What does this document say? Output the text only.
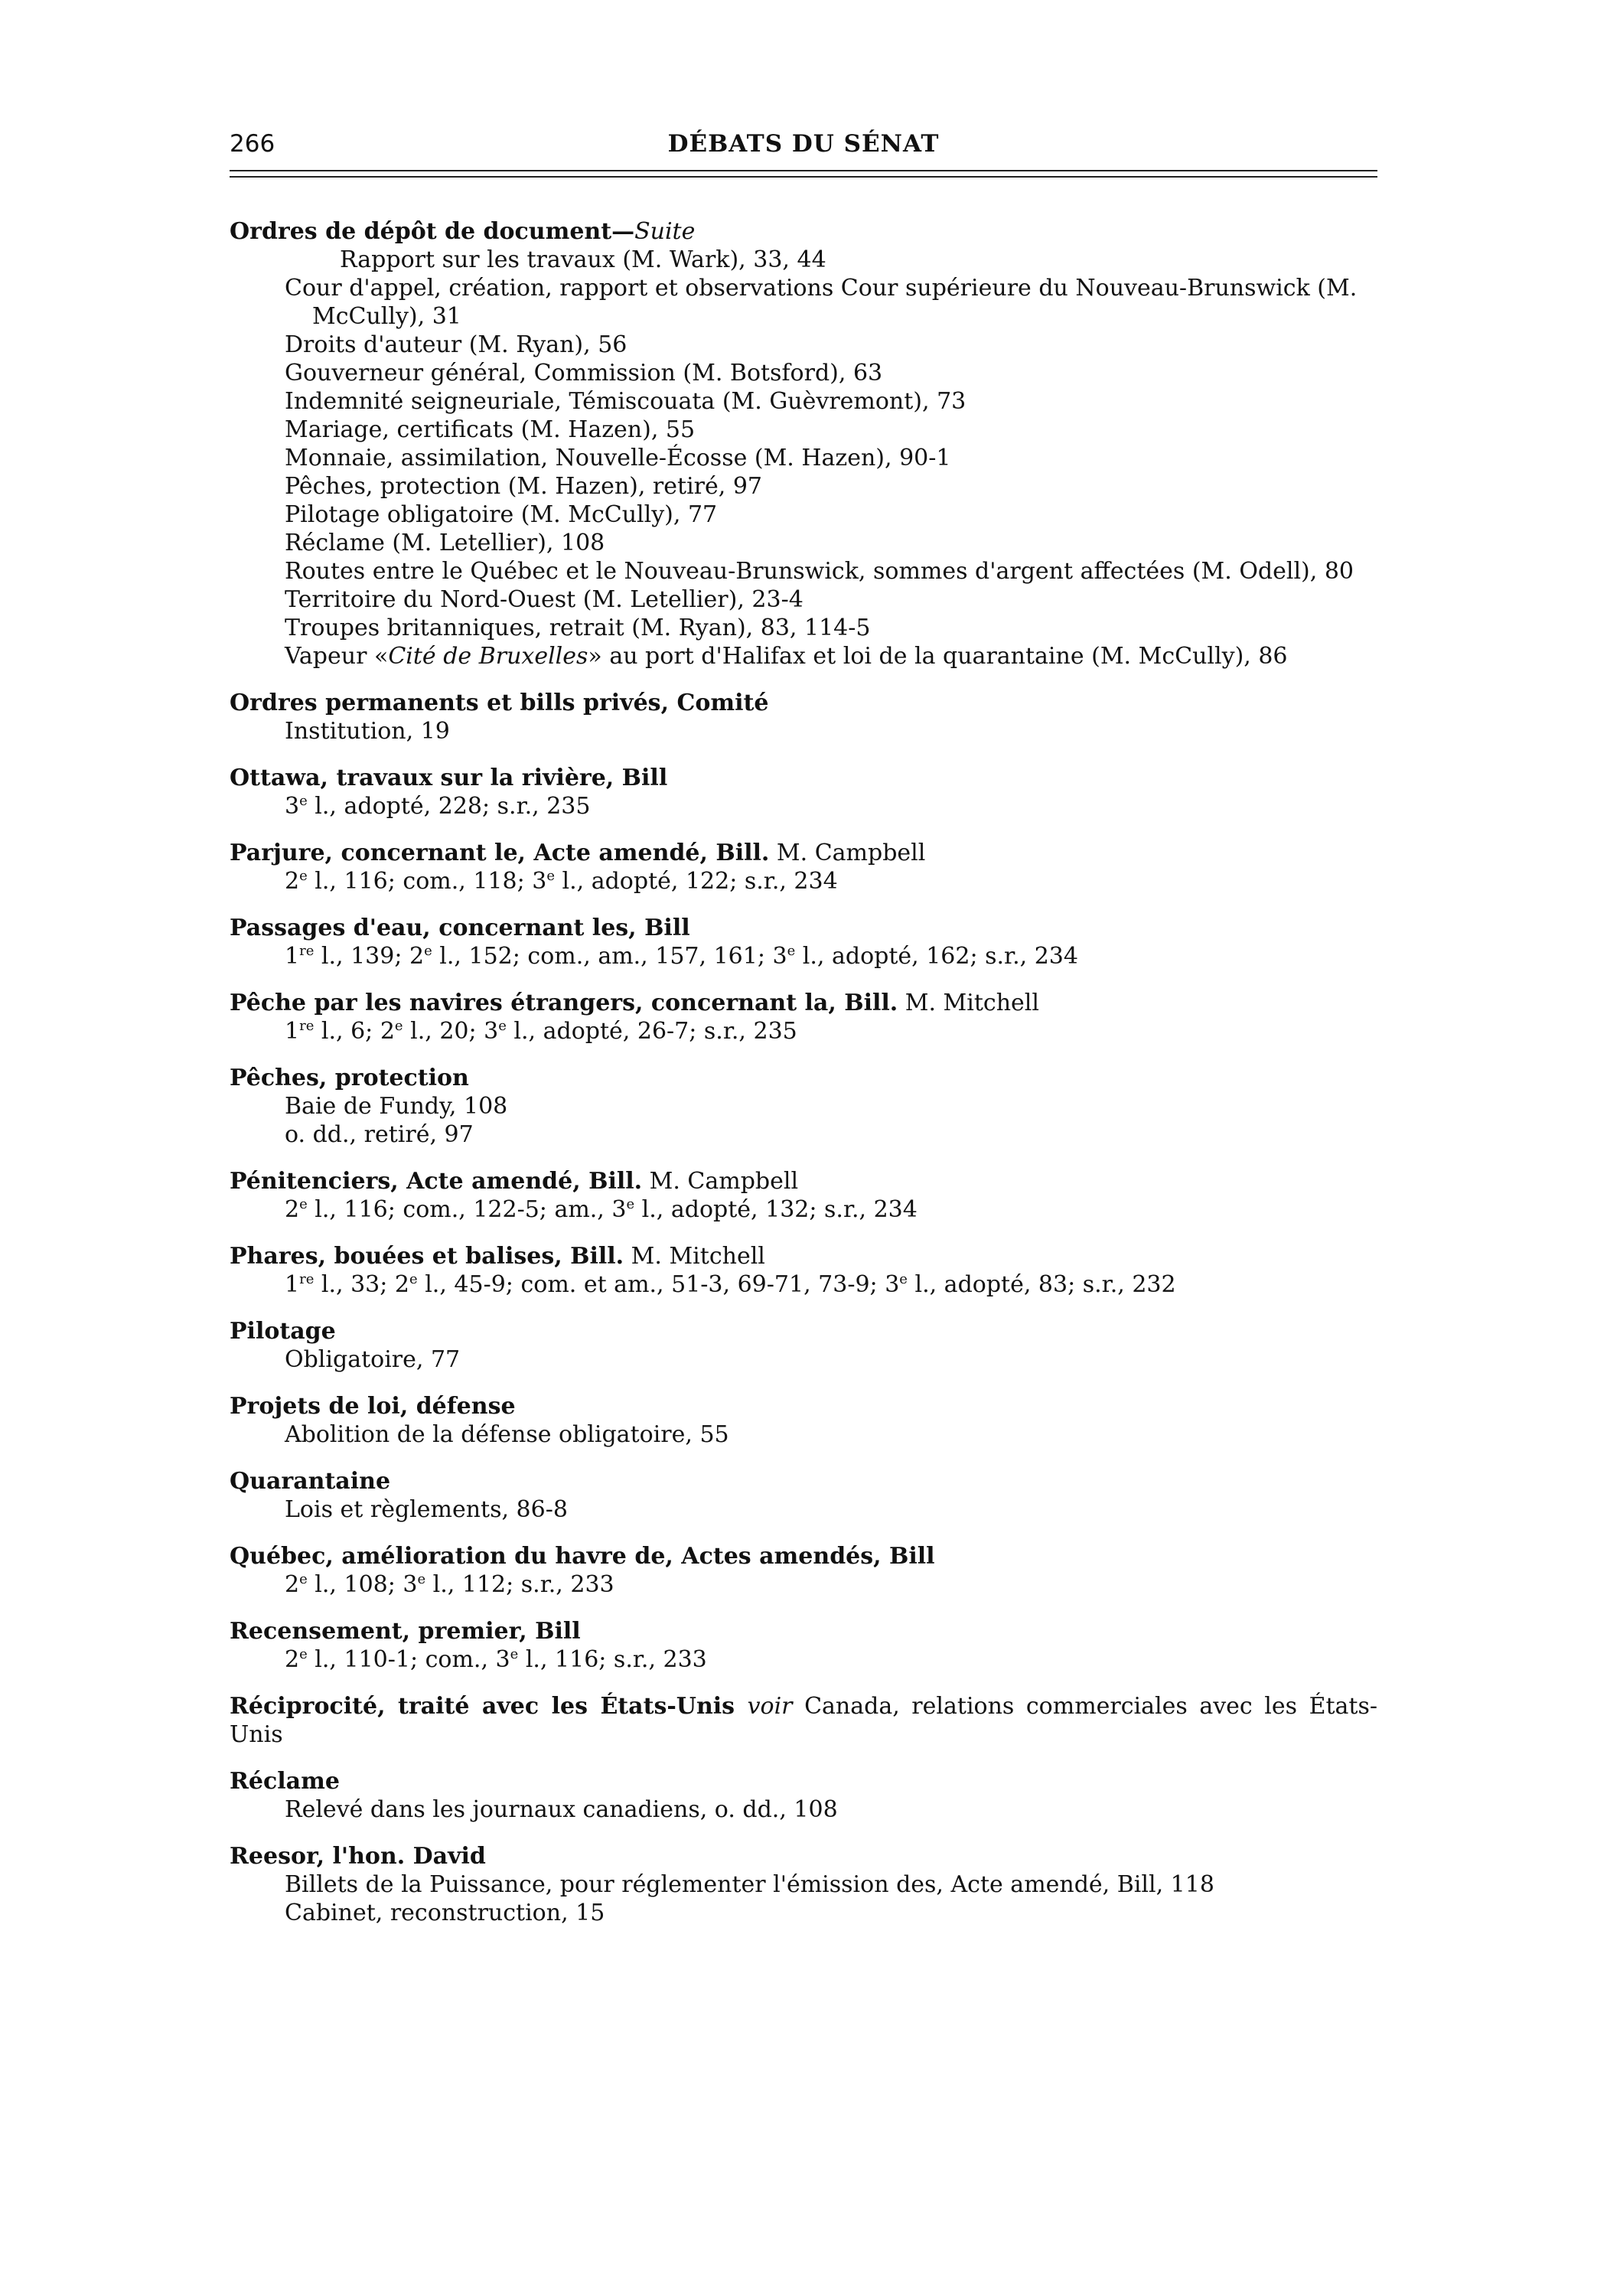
266	DÉBATS DU SÉNAT
Ordres de dépôt de document—Suite
Rapport sur les travaux (M. Wark), 33, 44
Cour d'appel, création, rapport et observations Cour supérieure du Nouveau-Brunswick (M. McCully), 31
Droits d'auteur (M. Ryan), 56
Gouverneur général, Commission (M. Botsford), 63
Indemnité seigneuriale, Témiscouata (M. Guèvremont), 73
Mariage, certificats (M. Hazen), 55
Monnaie, assimilation, Nouvelle-Écosse (M. Hazen), 90-1
Pêches, protection (M. Hazen), retiré, 97
Pilotage obligatoire (M. McCully), 77
Réclame (M. Letellier), 108
Routes entre le Québec et le Nouveau-Brunswick, sommes d'argent affectées (M. Odell), 80
Territoire du Nord-Ouest (M. Letellier), 23-4
Troupes britanniques, retrait (M. Ryan), 83, 114-5
Vapeur «Cité de Bruxelles» au port d'Halifax et loi de la quarantaine (M. McCully), 86
Ordres permanents et bills privés, Comité
Institution, 19
Ottawa, travaux sur la rivière, Bill
3e l., adopté, 228; s.r., 235
Parjure, concernant le, Acte amendé, Bill. M. Campbell
2e l., 116; com., 118; 3e l., adopté, 122; s.r., 234
Passages d'eau, concernant les, Bill
1re l., 139; 2e l., 152; com., am., 157, 161; 3e l., adopté, 162; s.r., 234
Pêche par les navires étrangers, concernant la, Bill. M. Mitchell
1re l., 6; 2e l., 20; 3e l., adopté, 26-7; s.r., 235
Pêches, protection
Baie de Fundy, 108
o. dd., retiré, 97
Pénitenciers, Acte amendé, Bill. M. Campbell
2e l., 116; com., 122-5; am., 3e l., adopté, 132; s.r., 234
Phares, bouées et balises, Bill. M. Mitchell
1re l., 33; 2e l., 45-9; com. et am., 51-3, 69-71, 73-9; 3e l., adopté, 83; s.r., 232
Pilotage
Obligatoire, 77
Projets de loi, défense
Abolition de la défense obligatoire, 55
Quarantaine
Lois et règlements, 86-8
Québec, amélioration du havre de, Actes amendés, Bill
2e l., 108; 3e l., 112; s.r., 233
Recensement, premier, Bill
2e l., 110-1; com., 3e l., 116; s.r., 233
Réciprocité, traité avec les États-Unis voir Canada, relations commerciales avec les États-Unis
Réclame
Relevé dans les journaux canadiens, o. dd., 108
Reesor, l'hon. David
Billets de la Puissance, pour réglementer l'émission des, Acte amendé, Bill, 118
Cabinet, reconstruction, 15
